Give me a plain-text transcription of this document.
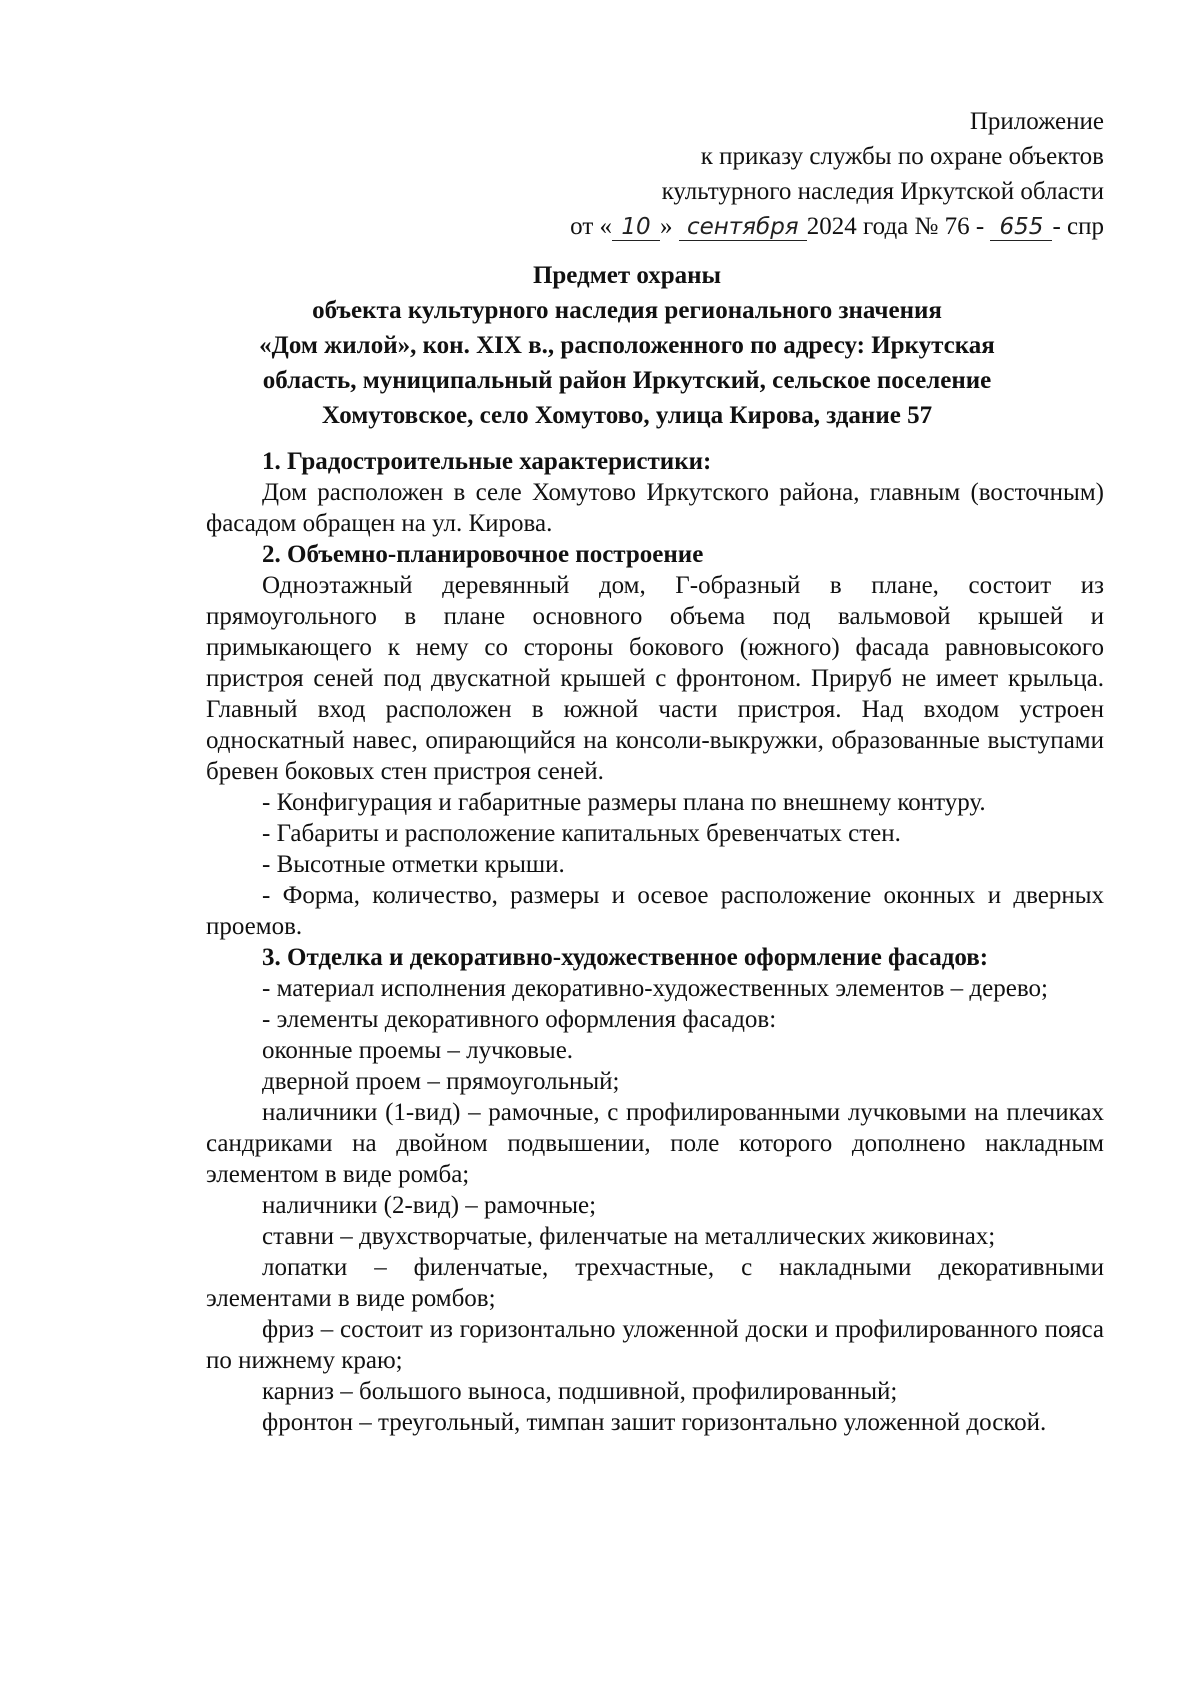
Приложение
к приказу службы по охране объектов
культурного наследия Иркутской области
от « 10 » сентября 2024 года № 76 - 655 - спр
Предмет охраны
объекта культурного наследия регионального значения
«Дом жилой», кон. XIX в., расположенного по адресу: Иркутская
область, муниципальный район Иркутский, сельское поселение
Хомутовское, село Хомутово, улица Кирова, здание 57

1. Градостроительные характеристики:

Дом расположен в селе Хомутово Иркутского района, главным (восточным) фасадом обращен на ул. Кирова.

2. Объемно-планировочное построение

Одноэтажный деревянный дом, Г-образный в плане, состоит из прямоугольного в плане основного объема под вальмовой крышей и примыкающего к нему со стороны бокового (южного) фасада равновысокого пристроя сеней под двускатной крышей с фронтоном. Прируб не имеет крыльца. Главный вход расположен в южной части пристроя. Над входом устроен односкатный навес, опирающийся на консоли-выкружки, образованные выступами бревен боковых стен пристроя сеней.

- Конфигурация и габаритные размеры плана по внешнему контуру.

- Габариты и расположение капитальных бревенчатых стен.

- Высотные отметки крыши.

- Форма, количество, размеры и осевое расположение оконных и дверных проемов.

3. Отделка и декоративно-художественное оформление фасадов:

- материал исполнения декоративно-художественных элементов – дерево;

- элементы декоративного оформления фасадов:

оконные проемы – лучковые.

дверной проем – прямоугольный;

наличники (1-вид) – рамочные, с профилированными лучковыми на плечиках сандриками на двойном подвышении, поле которого дополнено накладным элементом в виде ромба;

наличники (2-вид) – рамочные;

ставни – двухстворчатые, филенчатые на металлических жиковинах;

лопатки – филенчатые, трехчастные, с накладными декоративными элементами в виде ромбов;

фриз – состоит из горизонтально уложенной доски и профилированного пояса по нижнему краю;

карниз – большого выноса, подшивной, профилированный;

фронтон – треугольный, тимпан зашит горизонтально уложенной доской.
